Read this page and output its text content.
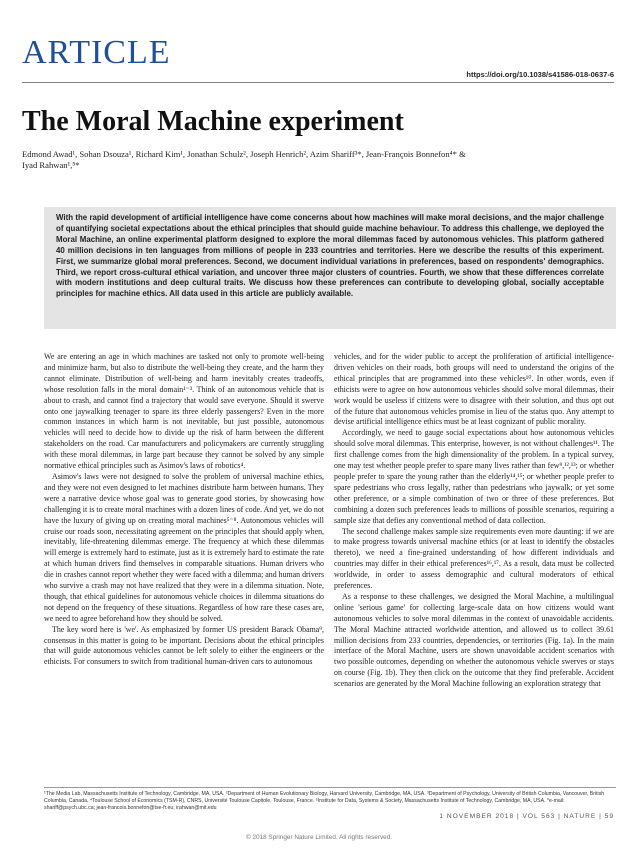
ARTICLE
https://doi.org/10.1038/s41586-018-0637-6
The Moral Machine experiment
Edmond Awad¹, Sohan Dsouza¹, Richard Kim¹, Jonathan Schulz², Joseph Henrich², Azim Shariff³*, Jean-François Bonnefon⁴* &
Iyad Rahwan¹,⁵*
With the rapid development of artificial intelligence have come concerns about how machines will make moral decisions, and the major challenge of quantifying societal expectations about the ethical principles that should guide machine behaviour. To address this challenge, we deployed the Moral Machine, an online experimental platform designed to explore the moral dilemmas faced by autonomous vehicles. This platform gathered 40 million decisions in ten languages from millions of people in 233 countries and territories. Here we describe the results of this experiment. First, we summarize global moral preferences. Second, we document individual variations in preferences, based on respondents' demographics. Third, we report cross-cultural ethical variation, and uncover three major clusters of countries. Fourth, we show that these differences correlate with modern institutions and deep cultural traits. We discuss how these preferences can contribute to developing global, socially acceptable principles for machine ethics. All data used in this article are publicly available.

We are entering an age in which machines are tasked not only to promote well-being and minimize harm, but also to distribute the well-being they create, and the harm they cannot eliminate. Distribution of well-being and harm inevitably creates tradeoffs, whose resolution falls in the moral domain¹⁻³. Think of an autonomous vehicle that is about to crash, and cannot find a trajectory that would save everyone. Should it swerve onto one jaywalking teenager to spare its three elderly passengers? Even in the more common instances in which harm is not inevitable, but just possible, autonomous vehicles will need to decide how to divide up the risk of harm between the different stakeholders on the road. Car manufacturers and policymakers are currently struggling with these moral dilemmas, in large part because they cannot be solved by any simple normative ethical principles such as Asimov's laws of robotics⁴.

Asimov's laws were not designed to solve the problem of universal machine ethics, and they were not even designed to let machines distribute harm between humans. They were a narrative device whose goal was to generate good stories, by showcasing how challenging it is to create moral machines with a dozen lines of code. And yet, we do not have the luxury of giving up on creating moral machines⁵⁻⁸. Autonomous vehicles will cruise our roads soon, necessitating agreement on the principles that should apply when, inevitably, life-threatening dilemmas emerge. The frequency at which these dilemmas will emerge is extremely hard to estimate, just as it is extremely hard to estimate the rate at which human drivers find themselves in comparable situations. Human drivers who die in crashes cannot report whether they were faced with a dilemma; and human drivers who survive a crash may not have realized that they were in a dilemma situation. Note, though, that ethical guidelines for autonomous vehicle choices in dilemma situations do not depend on the frequency of these situations. Regardless of how rare these cases are, we need to agree beforehand how they should be solved.

The key word here is 'we'. As emphasized by former US president Barack Obama⁹, consensus in this matter is going to be important. Decisions about the ethical principles that will guide autonomous vehicles cannot be left solely to either the engineers or the ethicists. For consumers to switch from traditional human-driven cars to autonomous

vehicles, and for the wider public to accept the proliferation of artificial intelligence-driven vehicles on their roads, both groups will need to understand the origins of the ethical principles that are programmed into these vehicles¹⁰. In other words, even if ethicists were to agree on how autonomous vehicles should solve moral dilemmas, their work would be useless if citizens were to disagree with their solution, and thus opt out of the future that autonomous vehicles promise in lieu of the status quo. Any attempt to devise artificial intelligence ethics must be at least cognizant of public morality.

Accordingly, we need to gauge social expectations about how autonomous vehicles should solve moral dilemmas. This enterprise, however, is not without challenges¹¹. The first challenge comes from the high dimensionality of the problem. In a typical survey, one may test whether people prefer to spare many lives rather than few⁹,¹²,¹³; or whether people prefer to spare the young rather than the elderly¹⁴,¹⁵; or whether people prefer to spare pedestrians who cross legally, rather than pedestrians who jaywalk; or yet some other preference, or a simple combination of two or three of these preferences. But combining a dozen such preferences leads to millions of possible scenarios, requiring a sample size that defies any conventional method of data collection.

The second challenge makes sample size requirements even more daunting: if we are to make progress towards universal machine ethics (or at least to identify the obstacles thereto), we need a fine-grained understanding of how different individuals and countries may differ in their ethical preferences¹⁶,¹⁷. As a result, data must be collected worldwide, in order to assess demographic and cultural moderators of ethical preferences.

As a response to these challenges, we designed the Moral Machine, a multilingual online 'serious game' for collecting large-scale data on how citizens would want autonomous vehicles to solve moral dilemmas in the context of unavoidable accidents. The Moral Machine attracted worldwide attention, and allowed us to collect 39.61 million decisions from 233 countries, dependencies, or territories (Fig. 1a). In the main interface of the Moral Machine, users are shown unavoidable accident scenarios with two possible outcomes, depending on whether the autonomous vehicle swerves or stays on course (Fig. 1b). They then click on the outcome that they find preferable. Accident scenarios are generated by the Moral Machine following an exploration strategy that

¹The Media Lab, Massachusetts Institute of Technology, Cambridge, MA, USA. ²Department of Human Evolutionary Biology, Harvard University, Cambridge, MA, USA. ³Department of Psychology, University of British Columbia, Vancouver, British Columbia, Canada. ⁴Toulouse School of Economics (TSM-R), CNRS, Université Toulouse Capitole, Toulouse, France. ⁵Institute for Data, Systems & Society, Massachusetts Institute of Technology, Cambridge, MA, USA. *e-mail: shariff@psych.ubc.ca; jean-francois.bonnefon@tse-fr.eu; irahwan@mit.edu
1 NOVEMBER 2018 | VOL 563 | NATURE | 59
© 2018 Springer Nature Limited. All rights reserved.
